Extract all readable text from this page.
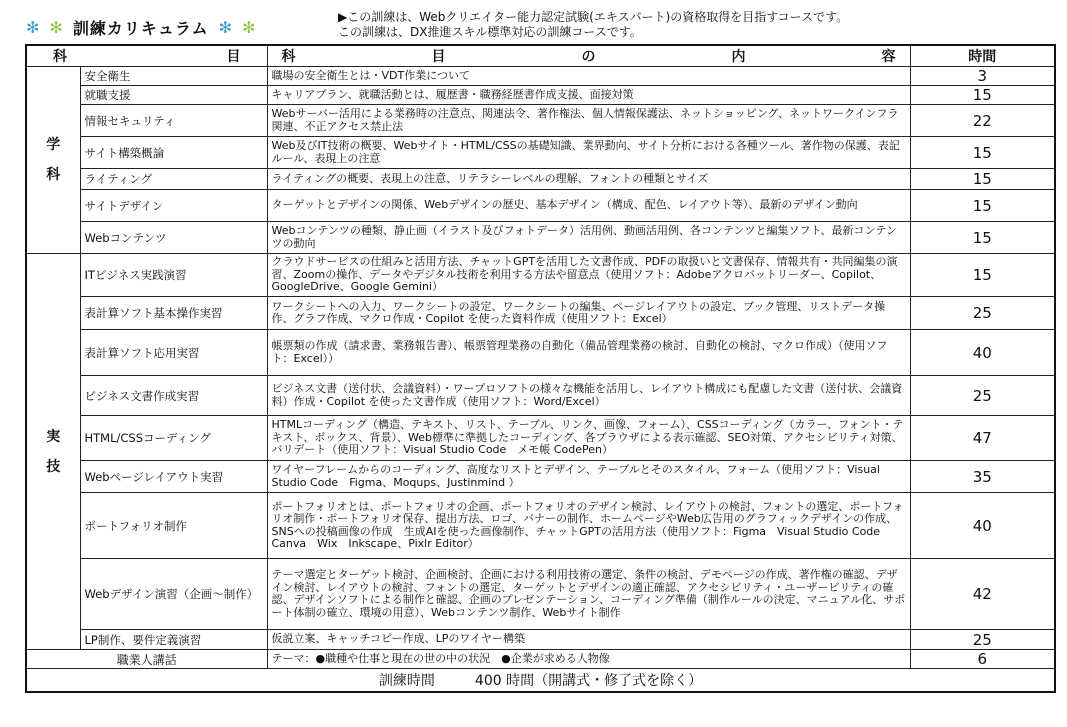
✻ ✻ 訓練カリキュラム ✻ ✻
▶この訓練は、Webクリエイター能力認定試験(エキスパート)の資格取得を目指すコースです。
この訓練は、DX推進スキル標準対応の訓練コースです。
科 目		科 目 の 内 容	時間

学
科	安全衛生	職場の安全衛生とは・VDT作業について	3
	就職支援	キャリアプラン、就職活動とは、履歴書・職務経歴書作成支援、面接対策	15
	情報セキュリティ	Webサーバー活用による業務時の注意点、関連法令、著作権法、個人情報保護法、ネットショッピング、ネットワークインフラ関連、不正アクセス禁止法	22
	サイト構築概論	Web及びIT技術の概要、Webサイト・HTML/CSSの基礎知識、業界動向、サイト分析における各種ツール、著作物の保護、表記ルール、表現上の注意	15
	ライティング	ライティングの概要、表現上の注意、リテラシーレベルの理解、フォントの種類とサイズ	15
	サイトデザイン	ターゲットとデザインの関係、Webデザインの歴史、基本デザイン（構成、配色、レイアウト等）、最新のデザイン動向	15
	Webコンテンツ	Webコンテンツの種類、静止画（イラスト及びフォトデータ）活用例、動画活用例、各コンテンツと編集ソフト、最新コンテンツの動向	15

実
技	ITビジネス実践演習	クラウドサービスの仕組みと活用方法、チャットGPTを活用した文書作成、PDFの取扱いと文書保存、情報共有・共同編集の演習、Zoomの操作、データやデジタル技術を利用する方法や留意点（使用ソフト：Adobeアクロバットリーダー、Copilot、GoogleDrive、Google Gemini）	15
	表計算ソフト基本操作実習	ワークシートへの入力、ワークシートの設定、ワークシートの編集、ページレイアウトの設定、ブック管理、リストデータ操作、グラフ作成、マクロ作成・Copilot を使った資料作成（使用ソフト：Excel）	25
	表計算ソフト応用実習	帳票類の作成（請求書、業務報告書）、帳票管理業務の自動化（備品管理業務の検討、自動化の検討、マクロ作成）（使用ソフト：Excel））	40
	ビジネス文書作成実習	ビジネス文書（送付状、会議資料）・ワープロソフトの様々な機能を活用し、レイアウト構成にも配慮した文書（送付状、会議資料）作成・Copilot を使った文書作成（使用ソフト：Word/Excel）	25
	HTML/CSSコーディング	HTMLコーディング（構造、テキスト、リスト、テーブル、リンク、画像、フォーム）、CSSコーディング（カラー、フォント・テキスト、ボックス、背景）、Web標準に準拠したコーディング、各ブラウザによる表示確認、SEO対策、アクセシビリティ対策、バリデート（使用ソフト：Visual Studio Code　メモ帳 CodePen）	47
	Webページレイアウト実習	ワイヤーフレームからのコーディング、高度なリストとデザイン、テーブルとそのスタイル、フォーム（使用ソフト：Visual Studio Code　Figma、Moqups、Justinmind ）	35
	ポートフォリオ制作	ポートフォリオとは、ポートフォリオの企画、ポートフォリオのデザイン検討、レイアウトの検討、フォントの選定、ポートフォリオ制作・ポートフォリオ保存、提出方法、ロゴ、バナーの制作、ホームページやWeb広告用のグラフィックデザインの作成、SNSへの投稿画像の作成　生成AIを使った画像制作、チャットGPTの活用方法（使用ソフト：Figma　Visual Studio Code　Canva　Wix　Inkscape、Pixlr Editor）	40
	Webデザイン演習（企画～制作）	テーマ選定とターゲット検討、企画検討、企画における利用技術の選定、条件の検討、デモページの作成、著作権の確認、デザイン検討、レイアウトの検討、フォントの選定、ターゲットとデザインの適正確認、アクセシビリティ・ユーザービリティの確認、デザインソフトによる制作と確認、企画のプレゼンテーション、コーディング準備（制作ルールの決定、マニュアル化、サポート体制の確立、環境の用意）、Webコンテンツ制作、Webサイト制作	42
	LP制作、要件定義演習	仮説立案、キャッチコピー作成、LPのワイヤー構築	25
職業人講話		テーマ：●職種や仕事と現在の世の中の状況　●企業が求める人物像	6
訓練時間 400 時間（開講式・修了式を除く）			
